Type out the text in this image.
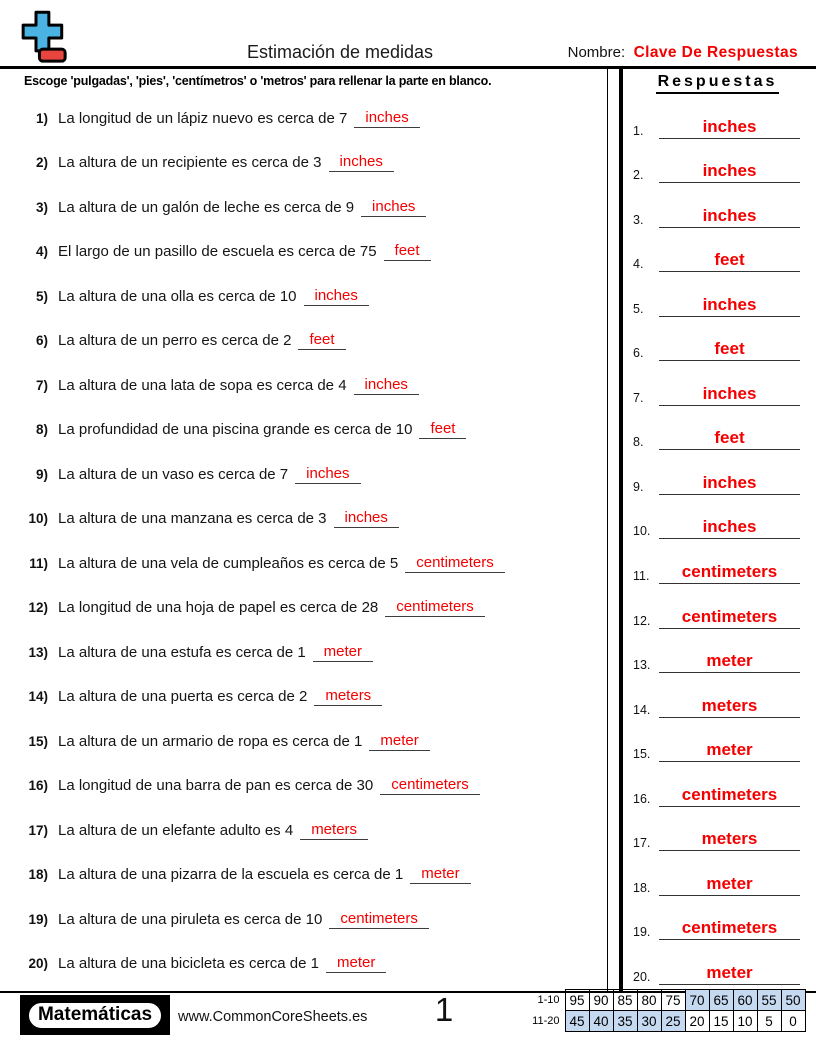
Estimación de medidas	Nombre: Clave De Respuestas
Escoge 'pulgadas', 'pies', 'centímetros' o 'metros' para rellenar la parte en blanco.
1) La longitud de un lápiz nuevo es cerca de 7	inches
2) La altura de un recipiente es cerca de 3	inches
3) La altura de un galón de leche es cerca de 9	inches
4) El largo de un pasillo de escuela es cerca de 75	feet
5) La altura de una olla es cerca de 10	inches
6) La altura de un perro es cerca de 2	feet
7) La altura de una lata de sopa es cerca de 4	inches
8) La profundidad de una piscina grande es cerca de 10	feet
9) La altura de un vaso es cerca de 7	inches
10) La altura de una manzana es cerca de 3	inches
11) La altura de una vela de cumpleaños es cerca de 5	centimeters
12) La longitud de una hoja de papel es cerca de 28	centimeters
13) La altura de una estufa es cerca de 1	meter
14) La altura de una puerta es cerca de 2	meters
15) La altura de un armario de ropa es cerca de 1	meter
16) La longitud de una barra de pan es cerca de 30	centimeters
17) La altura de un elefante adulto es 4	meters
18) La altura de una pizarra de la escuela es cerca de 1	meter
19) La altura de una piruleta es cerca de 10	centimeters
20) La altura de una bicicleta es cerca de 1	meter
Respuestas
1.	inches
2.	inches
3.	inches
4.	feet
5.	inches
6.	feet
7.	inches
8.	feet
9.	inches
10.	inches
11.	centimeters
12.	centimeters
13.	meter
14.	meters
15.	meter
16.	centimeters
17.	meters
18.	meter
19.	centimeters
20.	meter
Matemáticas	www.CommonCoreSheets.es	1	1-10	95	90	85	80	75	70	65	60	55	50
11-20	45	40	35	30	25	20	15	10	5	0
